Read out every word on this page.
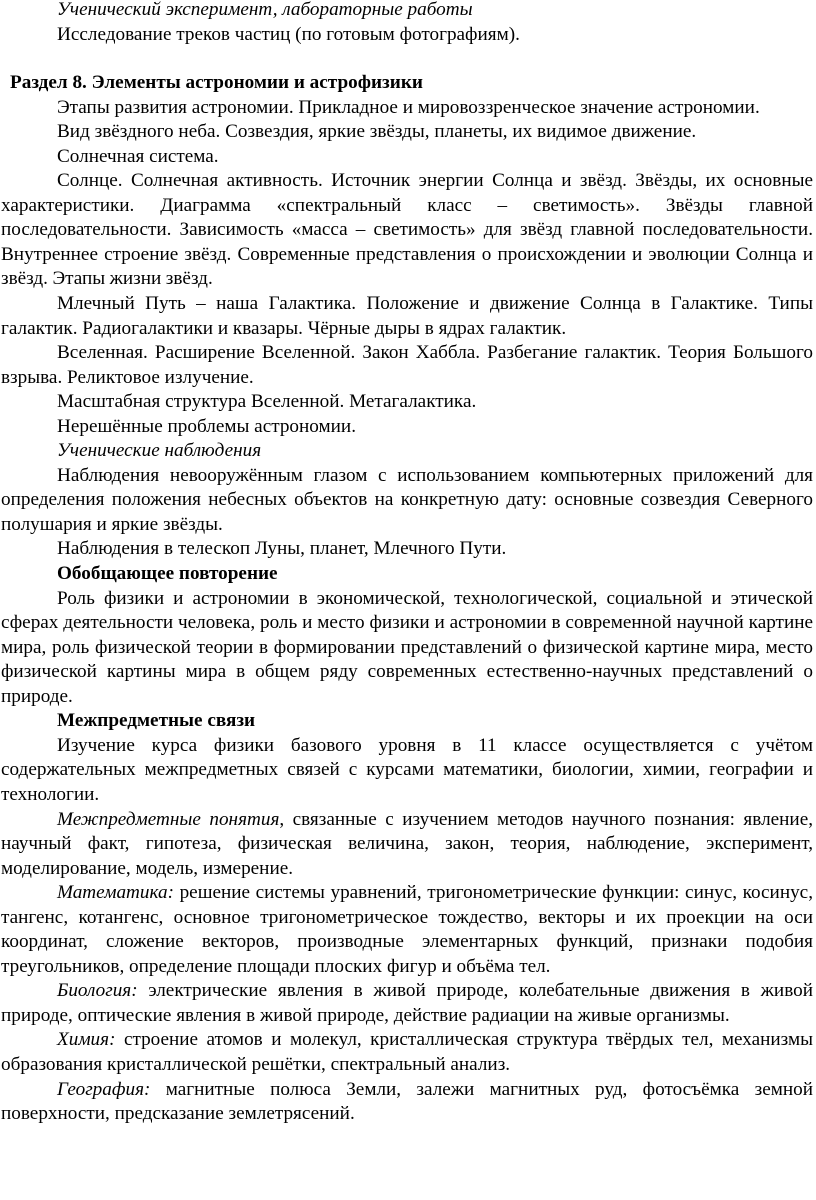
Ученический эксперимент, лабораторные работы
Исследование треков частиц (по готовым фотографиям).
Раздел 8. Элементы астрономии и астрофизики
Этапы развития астрономии. Прикладное и мировоззренческое значение астрономии.
Вид звёздного неба. Созвездия, яркие звёзды, планеты, их видимое движение.
Солнечная система.
Солнце. Солнечная активность. Источник энергии Солнца и звёзд. Звёзды, их основные характеристики. Диаграмма «спектральный класс – светимость». Звёзды главной последовательности. Зависимость «масса – светимость» для звёзд главной последовательности. Внутреннее строение звёзд. Современные представления о происхождении и эволюции Солнца и звёзд. Этапы жизни звёзд.
Млечный Путь – наша Галактика. Положение и движение Солнца в Галактике. Типы галактик. Радиогалактики и квазары. Чёрные дыры в ядрах галактик.
Вселенная. Расширение Вселенной. Закон Хаббла. Разбегание галактик. Теория Большого взрыва. Реликтовое излучение.
Масштабная структура Вселенной. Метагалактика.
Нерешённые проблемы астрономии.
Ученические наблюдения
Наблюдения невооружённым глазом с использованием компьютерных приложений для определения положения небесных объектов на конкретную дату: основные созвездия Северного полушария и яркие звёзды.
Наблюдения в телескоп Луны, планет, Млечного Пути.
Обобщающее повторение
Роль физики и астрономии в экономической, технологической, социальной и этической сферах деятельности человека, роль и место физики и астрономии в современной научной картине мира, роль физической теории в формировании представлений о физической картине мира, место физической картины мира в общем ряду современных естественно-научных представлений о природе.
Межпредметные связи
Изучение курса физики базового уровня в 11 классе осуществляется с учётом содержательных межпредметных связей с курсами математики, биологии, химии, географии и технологии.
Межпредметные понятия, связанные с изучением методов научного познания: явление, научный факт, гипотеза, физическая величина, закон, теория, наблюдение, эксперимент, моделирование, модель, измерение.
Математика: решение системы уравнений, тригонометрические функции: синус, косинус, тангенс, котангенс, основное тригонометрическое тождество, векторы и их проекции на оси координат, сложение векторов, производные элементарных функций, признаки подобия треугольников, определение площади плоских фигур и объёма тел.
Биология: электрические явления в живой природе, колебательные движения в живой природе, оптические явления в живой природе, действие радиации на живые организмы.
Химия: строение атомов и молекул, кристаллическая структура твёрдых тел, механизмы образования кристаллической решётки, спектральный анализ.
География: магнитные полюса Земли, залежи магнитных руд, фотосъёмка земной поверхности, предсказание землетрясений.
